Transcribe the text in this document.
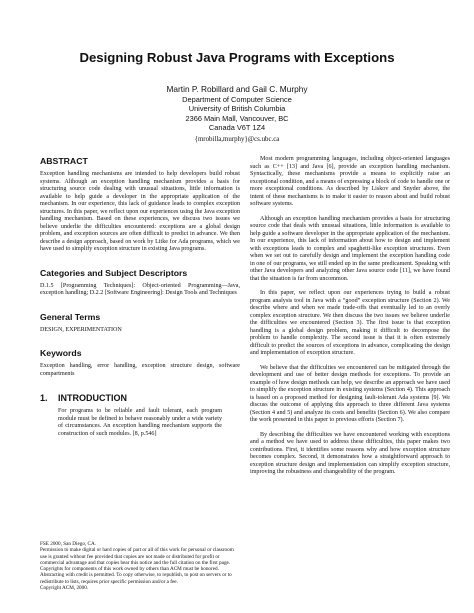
Designing Robust Java Programs with Exceptions
Martin P. Robillard and Gail C. Murphy
Department of Computer Science
University of British Columbia
2366 Main Mall, Vancouver, BC
Canada V6T 1Z4
{mrobilla,murphy}@cs.ubc.ca
ABSTRACT

Exception handling mechanisms are intended to help developers build robust systems. Although an exception handling mechanism provides a basis for structuring source code dealing with unusual situations, little information is available to help guide a developer in the appropriate application of the mechanism. In our experience, this lack of guidance leads to complex exception structures. In this paper, we reflect upon our experiences using the Java exception handling mechanism. Based on these experiences, we discuss two issues we believe underlie the difficulties encountered: exceptions are a global design problem, and exception sources are often difficult to predict in advance. We then describe a design approach, based on work by Litke for Ada programs, which we have used to simplify exception structure in existing Java programs.

Categories and Subject Descriptors

D.1.5 [Programming Techniques]: Object-oriented Programming—Java, exception handling; D.2.2 [Software Engineering]: Design Tools and Techniques

General Terms

DESIGN, EXPERIMENTATION

Keywords

Exception handling, error handling, exception structure design, software compartments

1. INTRODUCTION

For programs to be reliable and fault tolerant, each program module must be defined to behave reasonably under a wide variety of circumstances. An exception handling mechanism supports the construction of such modules. [8, p.546]

FSE 2000, San Diego, CA.
Permission to make digital or hard copies of part or all of this work for personal or classroom use is granted without fee provided that copies are not made or distributed for profit or commercial advantage and that copies bear this notice and the full citation on the first page. Copyrights for components of this work owned by others than ACM must be honored. Abstracting with credit is permitted. To copy otherwise, to republish, to post on servers or to redistribute to lists, requires prior specific permission and/or a fee.
Copyright ACM, 2000.

Most modern programming languages, including object-oriented languages such as C++ [13] and Java [6], provide an exception handling mechanism. Syntactically, these mechanisms provide a means to explicitly raise an exceptional condition, and a means of expressing a block of code to handle one or more exceptional conditions. As described by Liskov and Snyder above, the intent of these mechanisms is to make it easier to reason about and build robust software systems.

Although an exception handling mechanism provides a basis for structuring source code that deals with unusual situations, little information is available to help guide a software developer in the appropriate application of the mechanism. In our experience, this lack of information about how to design and implement with exceptions leads to complex and spaghetti-like exception structures. Even when we set out to carefully design and implement the exception handling code in one of our programs, we still ended up in the same predicament. Speaking with other Java developers and analyzing other Java source code [11], we have found that the situation is far from uncommon.

In this paper, we reflect upon our experiences trying to build a robust program analysis tool in Java with a “good” exception structure (Section 2). We describe where and when we made trade-offs that eventually led to an overly complex exception structure. We then discuss the two issues we believe underlie the difficulties we encountered (Section 3). The first issue is that exception handling is a global design problem, making it difficult to decompose the problem to handle complexity. The second issue is that it is often extremely difficult to predict the sources of exceptions in advance, complicating the design and implementation of exception structure.

We believe that the difficulties we encountered can be mitigated through the development and use of better design methods for exceptions. To provide an example of how design methods can help, we describe an approach we have used to simplify the exception structure in existing systems (Section 4). This approach is based on a proposed method for designing fault-tolerant Ada systems [9]. We discuss the outcome of applying this approach to three different Java systems (Section 4 and 5) and analyze its costs and benefits (Section 6). We also compare the work presented in this paper to previous efforts (Section 7).

By describing the difficulties we have encountered working with exceptions and a method we have used to address these difficulties, this paper makes two contributions. First, it identifies some reasons why and how exception structure becomes complex. Second, it demonstrates how a straightforward approach to exception structure design and implementation can simplify exception structure, improving the robustness and changeability of the program.
